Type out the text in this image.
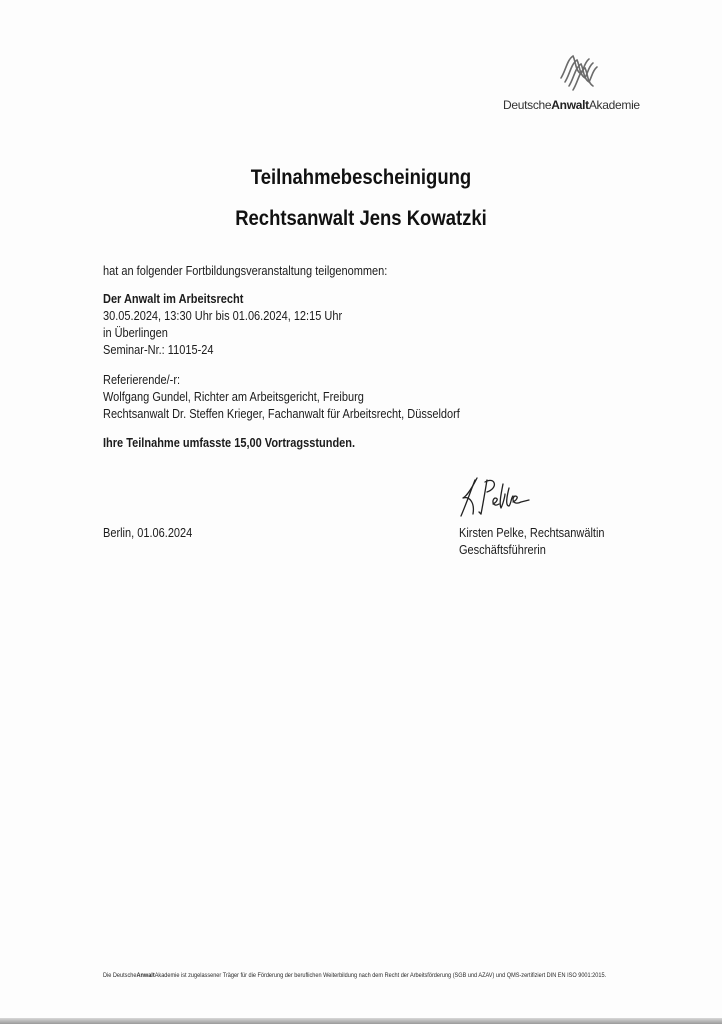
DeutscheAnwaltAkademie
Teilnahmebescheinigung
Rechtsanwalt Jens Kowatzki
hat an folgender Fortbildungsveranstaltung teilgenommen:
Der Anwalt im Arbeitsrecht
30.05.2024, 13:30 Uhr bis 01.06.2024, 12:15 Uhr
in Überlingen
Seminar-Nr.: 11015-24
Referierende/-r:
Wolfgang Gundel, Richter am Arbeitsgericht, Freiburg
Rechtsanwalt Dr. Steffen Krieger, Fachanwalt für Arbeitsrecht, Düsseldorf
Ihre Teilnahme umfasste 15,00 Vortragsstunden.
Berlin, 01.06.2024	Kirsten Pelke, Rechtsanwältin
Geschäftsführerin
Die DeutscheAnwaltAkademie ist zugelassener Träger für die Förderung der beruflichen Weiterbildung nach dem Recht der Arbeitsförderung (SGB und AZAV) und QMS-zertifiziert DIN EN ISO 9001:2015.
